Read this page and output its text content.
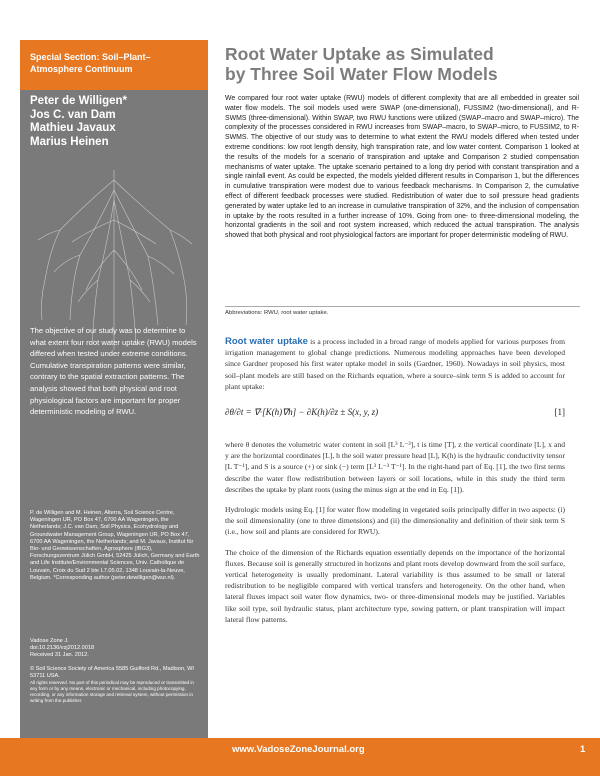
Special Section: Soil–Plant–Atmosphere Continuum
Peter de Willigen*
Jos C. van Dam
Mathieu Javaux
Marius Heinen
The objective of our study was to determine to what extent four root water uptake (RWU) models differed when tested under extreme conditions. Cumulative transpiration patterns were similar, contrary to the spatial extraction patterns. The analysis showed that both physical and root physiological factors are important for proper deterministic modeling of RWU.
P. de Willigen and M. Heinen, Alterra, Soil Science Centre, Wageningen UR, PO Box 47, 6700 AA Wageningen, the Netherlands; J.C. van Dam, Soil Physics, Ecohydrology and Groundwater Management Group, Wageningen UR, PO Box 47, 6700 AA Wageningen, the Netherlands; and M. Javaux, Institut für Bio- und Geowissenschaften, Agrosphere (IBG3), Forschungszentrum Jülich GmbH, 52425 Jülich, Germany and Earth and Life Institute/Environmental Sciences, Univ. Catholique de Louvain, Croix du Sud 2 bte L7.05.02, 1348 Louvain-la-Neuve, Belgium. *Corresponding author (peter.dewilligen@wur.nl).
Vadose Zone J.
doi:10.2136/vzj2012.0018
Received 31 Jan. 2012.
© Soil Science Society of America 5585 Guilford Rd., Madison, WI 53711 USA.
All rights reserved. No part of this periodical may be reproduced or transmitted in any form or by any means, electronic or mechanical, including photocopying, recording, or any information storage and retrieval system, without permission in writing from the publisher.
Root Water Uptake as Simulated
by Three Soil Water Flow Models
We compared four root water uptake (RWU) models of different complexity that are all embedded in greater soil water flow models. The soil models used were SWAP (one-dimensional), FUSSIM2 (two-dimensional), and R-SWMS (three-dimensional). Within SWAP, two RWU functions were utilized (SWAP–macro and SWAP–micro). The complexity of the processes considered in RWU increases from SWAP–macro, to SWAP–micro, to FUSSIM2, to R-SWMS. The objective of our study was to determine to what extent the RWU models differed when tested under extreme conditions: low root length density, high transpiration rate, and low water content. Comparison 1 looked at the results of the models for a scenario of transpiration and uptake and Comparison 2 studied compensation mechanisms of water uptake. The uptake scenario pertained to a long dry period with constant transpiration and a single rainfall event. As could be expected, the models yielded different results in Comparison 1, but the differences in cumulative transpiration were modest due to various feedback mechanisms. In Comparison 2, the cumulative effect of different feedback processes were studied. Redistribution of water due to soil pressure head gradients generated by water uptake led to an increase in cumulative transpiration of 32%, and the inclusion of compensation in uptake by the roots resulted in a further increase of 10%. Going from one- to three-dimensional modeling, the horizontal gradients in the soil and root system increased, which reduced the actual transpiration. The analysis showed that both physical and root physiological factors are important for proper deterministic modeling of RWU.
Abbreviations: RWU, root water uptake.

Root water uptake is a process included in a broad range of models applied for various purposes from irrigation management to global change predictions. Numerous modeling approaches have been developed since Gardner proposed his first water uptake model in soils (Gardner, 1960). Nowadays in soil physics, most soil–plant models are still based on the Richards equation, where a source–sink term S is added to account for plant uptake:

∂θ/∂t = ∇·[K(h)∇h] − ∂K(h)/∂z ± S(x, y, z)	[1]

where θ denotes the volumetric water content in soil [L³ L⁻³], t is time [T], z the vertical coordinate [L], x and y are the horizontal coordinates [L], h the soil water pressure head [L], K(h) is the hydraulic conductivity tensor [L T⁻¹], and S is a source (+) or sink (−) term [L³ L⁻³ T⁻¹]. In the right-hand part of Eq. [1], the two first terms describe the water flow redistribution between layers or soil locations, while in this study the third term describes the uptake by plant roots (using the minus sign at the end in Eq. [1]).

Hydrologic models using Eq. [1] for water flow modeling in vegetated soils principally differ in two aspects: (i) the soil dimensionality (one to three dimensions) and (ii) the dimensionality and definition of their sink term S (i.e., how soil and plants are considered for RWU).

The choice of the dimension of the Richards equation essentially depends on the importance of the horizontal fluxes. Because soil is generally structured in horizons and plant roots develop downward from the soil surface, vertical heterogeneity is usually predominant. Lateral variability is thus assumed to be small or lateral redistribution to be negligible compared with vertical transfers and heterogeneity. On the other hand, when lateral fluxes impact soil water flow dynamics, two- or three-dimensional models may be justified. Variables like soil type, soil hydraulic status, plant architecture type, sowing pattern, or plant transpiration will impact lateral flow patterns.

www.VadoseZoneJournal.org	1
